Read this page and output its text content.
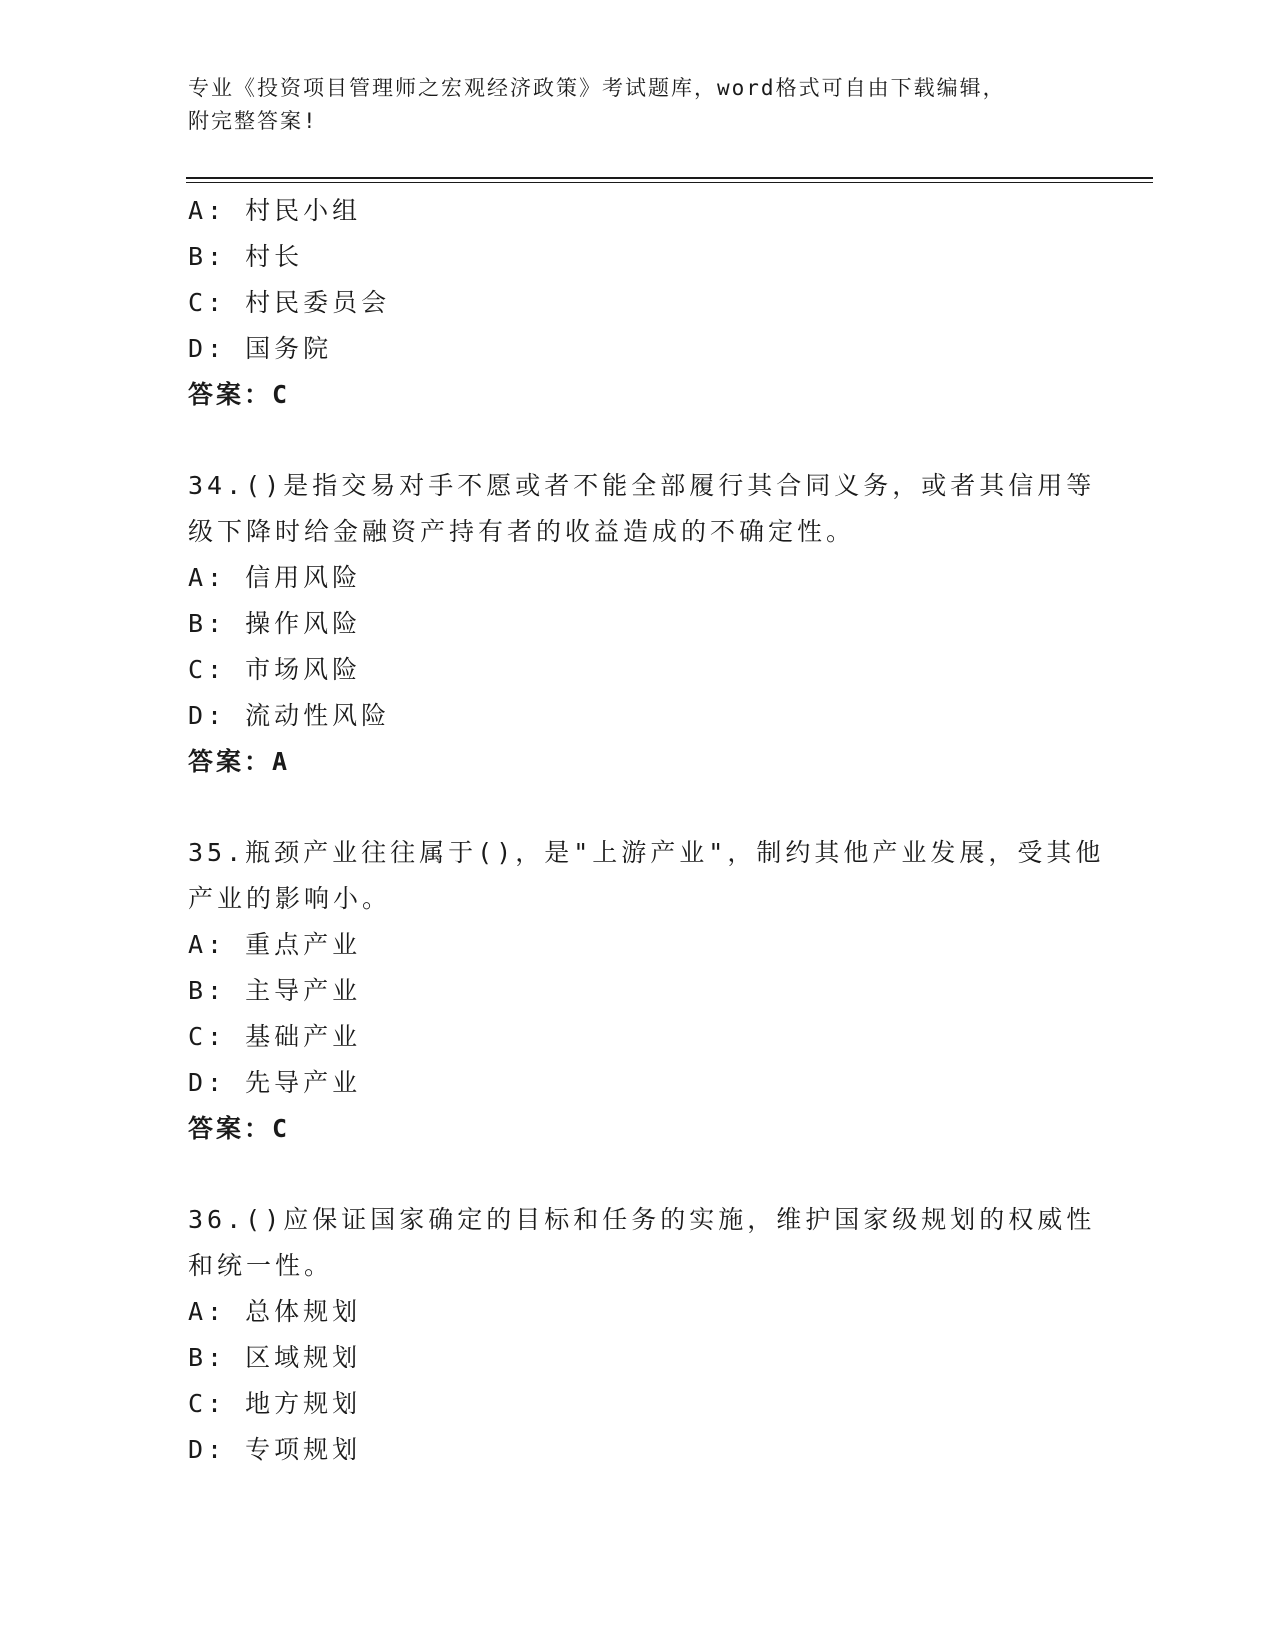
专业《投资项目管理师之宏观经济政策》考试题库，word格式可自由下载编辑，
附完整答案!
A: 村民小组
B: 村长
C: 村民委员会
D: 国务院
答案：C
34.()是指交易对手不愿或者不能全部履行其合同义务，或者其信用等
级下降时给金融资产持有者的收益造成的不确定性。
A: 信用风险
B: 操作风险
C: 市场风险
D: 流动性风险
答案：A
35.瓶颈产业往往属于()，是"上游产业"，制约其他产业发展，受其他
产业的影响小。
A: 重点产业
B: 主导产业
C: 基础产业
D: 先导产业
答案：C
36.()应保证国家确定的目标和任务的实施，维护国家级规划的权威性
和统一性。
A: 总体规划
B: 区域规划
C: 地方规划
D: 专项规划
